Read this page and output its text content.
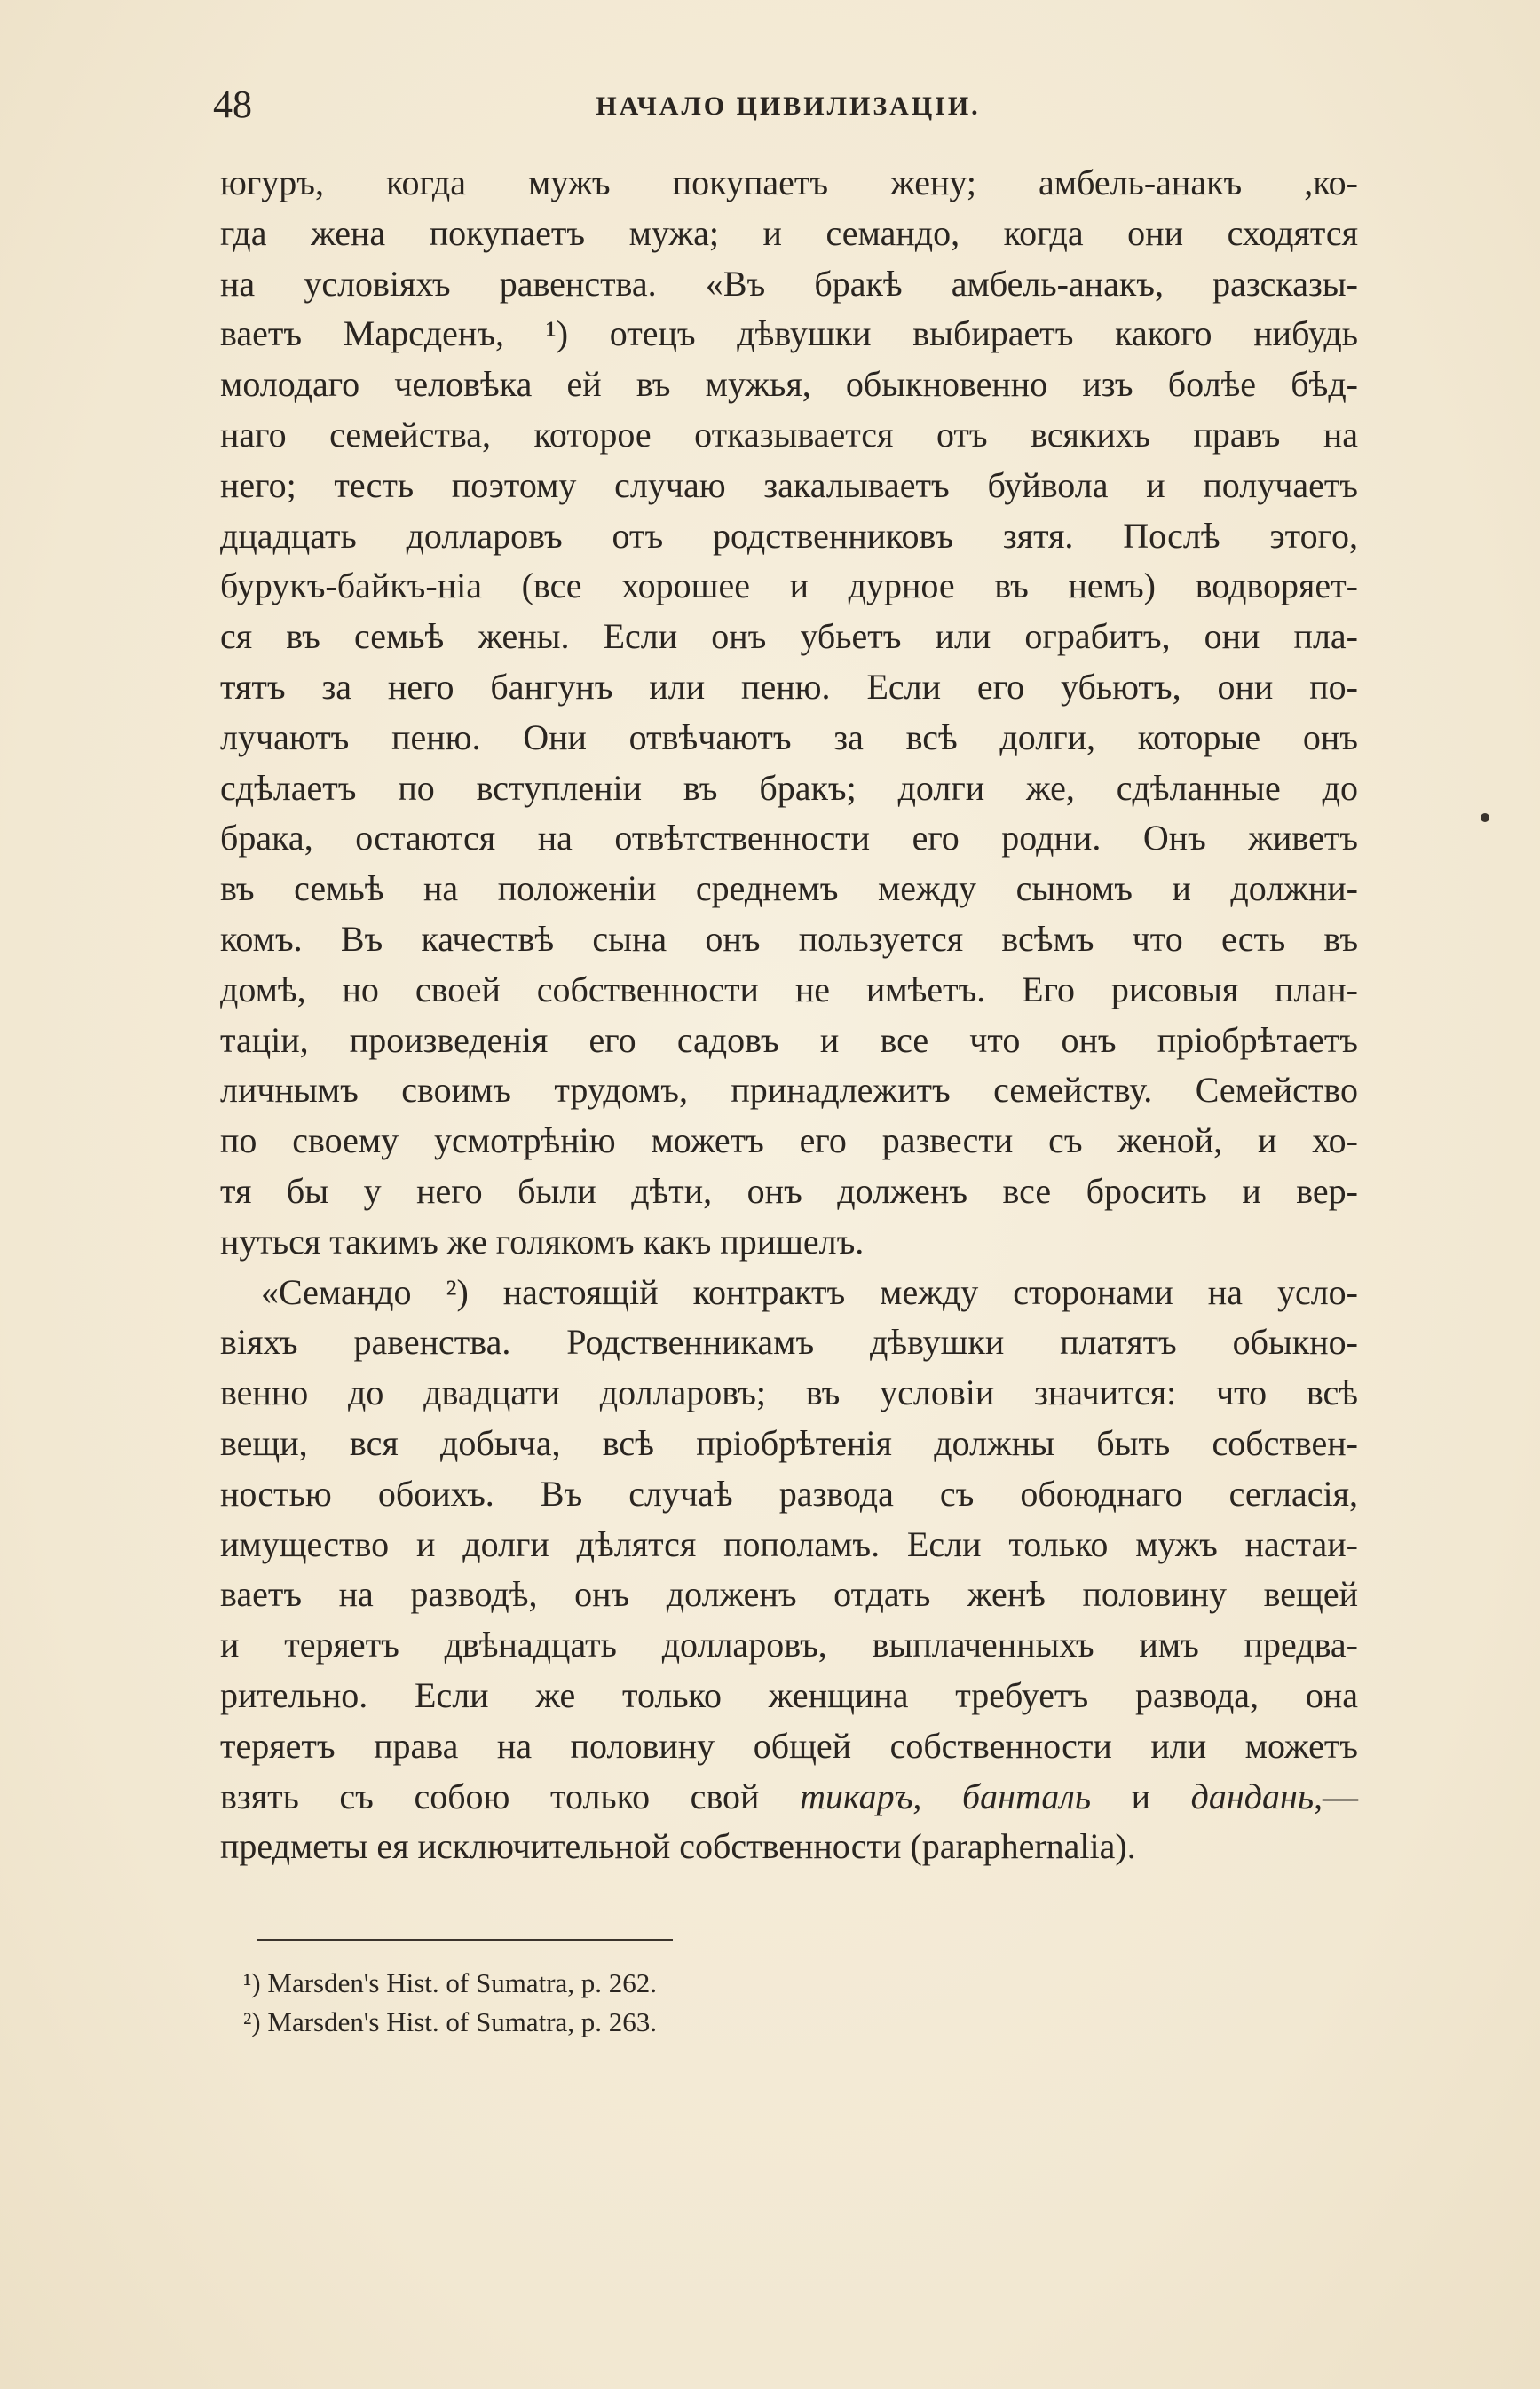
48	НАЧАЛО ЦИВИЛИЗАЦІИ.

югуръ, когда мужъ покупаетъ жену; амбель-анакъ ,ко-
гда жена покупаетъ мужа; и семандо, когда они сходятся
на условіяхъ равенства. «Въ бракѣ амбель-анакъ, разсказы-
ваетъ Марсденъ, ¹) отецъ дѣвушки выбираетъ какого нибудь
молодаго человѣка ей въ мужья, обыкновенно изъ болѣе бѣд-
наго семейства, которое отказывается отъ всякихъ правъ на
него; тесть поэтому случаю закалываетъ буйвола и получаетъ
дцадцать долларовъ отъ родственниковъ зятя. Послѣ этого,
бурукъ-байкъ-ніа (все хорошее и дурное въ немъ) водворяет-
ся въ семьѣ жены. Если онъ убьетъ или ограбитъ, они пла-
тятъ за него бангунъ или пеню. Если его убьютъ, они по-
лучаютъ пеню. Они отвѣчаютъ за всѣ долги, которые онъ
сдѣлаетъ по вступленіи въ бракъ; долги же, сдѣланные до
брака, остаются на отвѣтственности его родни. Онъ живетъ
въ семьѣ на положеніи среднемъ между сыномъ и должни-
комъ. Въ качествѣ сына онъ пользуется всѣмъ что есть въ
домѣ, но своей собственности не имѣетъ. Его рисовыя план-
таціи, произведенія его садовъ и все что онъ пріобрѣтаетъ
личнымъ своимъ трудомъ, принадлежитъ семейству. Семейство
по своему усмотрѣнію можетъ его развести съ женой, и хо-
тя бы у него были дѣти, онъ долженъ все бросить и вер-
нуться такимъ же голякомъ какъ пришелъ.

«Семандо ²) настоящій контрактъ между сторонами на усло-
віяхъ равенства. Родственникамъ дѣвушки платятъ обыкно-
венно до двадцати долларовъ; въ условіи значится: что всѣ
вещи, вся добыча, всѣ пріобрѣтенія должны быть собствен-
ностью обоихъ. Въ случаѣ развода съ обоюднаго сегласія,
имущество и долги дѣлятся пополамъ. Если только мужъ настаи-
ваетъ на разводѣ, онъ долженъ отдать женѣ половину вещей
и теряетъ двѣнадцать долларовъ, выплаченныхъ имъ предва-
рительно. Если же только женщина требуетъ развода, она
теряетъ права на половину общей собственности или можетъ
взять съ собою только свой тикаръ, банталь и дандань,—
предметы ея исключительной собственности (paraphernalia).

¹) Marsden's Hist. of Sumatra, p. 262.
²) Marsden's Hist. of Sumatra, p. 263.
